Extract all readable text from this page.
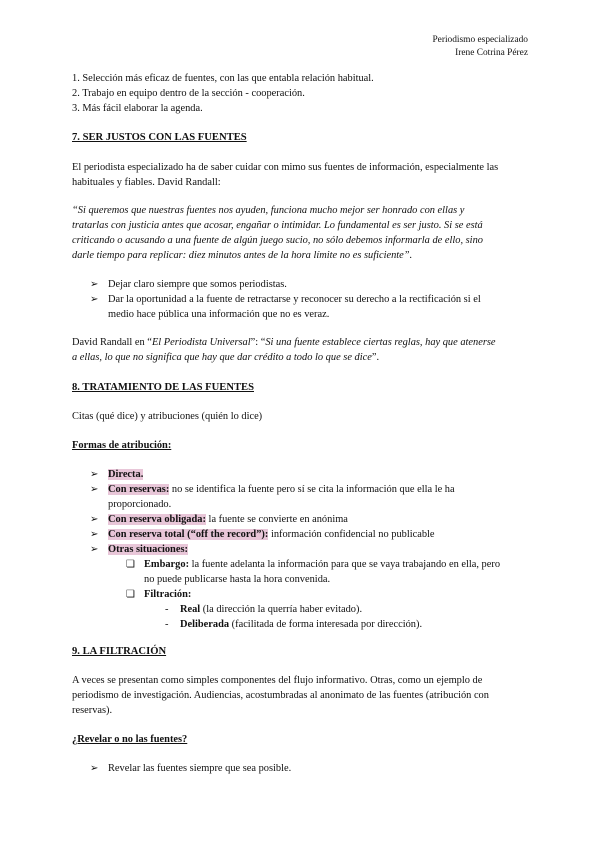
Periodismo especializado
Irene Cotrina Pérez
1. Selección más eficaz de fuentes, con las que entabla relación habitual.
2. Trabajo en equipo dentro de la sección - cooperación.
3. Más fácil elaborar la agenda.
7. SER JUSTOS CON LAS FUENTES
El periodista especializado ha de saber cuidar con mimo sus fuentes de información, especialmente las
habituales y fiables. David Randall:
“Si queremos que nuestras fuentes nos ayuden, funciona mucho mejor ser honrado con ellas y
tratarlas con justicia antes que acosar, engañar o intimidar. Lo fundamental es ser justo. Si se está
criticando o acusando a una fuente de algún juego sucio, no sólo debemos informarla de ello, sino
darle tiempo para replicar: diez minutos antes de la hora límite no es suficiente”.
➢ Dejar claro siempre que somos periodistas.
➢ Dar la oportunidad a la fuente de retractarse y reconocer su derecho a la rectificación si el
medio hace pública una información que no es veraz.
David Randall en “El Periodista Universal”: “Si una fuente establece ciertas reglas, hay que atenerse
a ellas, lo que no significa que hay que dar crédito a todo lo que se dice”.
8. TRATAMIENTO DE LAS FUENTES
Citas (qué dice) y atribuciones (quién lo dice)
Formas de atribución:
➢ Directa.
➢ Con reservas: no se identifica la fuente pero sí se cita la información que ella le ha
proporcionado.
➢ Con reserva obligada: la fuente se convierte en anónima
➢ Con reserva total (“off the record”): información confidencial no publicable
➢ Otras situaciones:
❏ Embargo: la fuente adelanta la información para que se vaya trabajando en ella, pero
no puede publicarse hasta la hora convenida.
❏ Filtración:
- Real (la dirección la querría haber evitado).
- Deliberada (facilitada de forma interesada por dirección).
9. LA FILTRACIÓN
A veces se presentan como simples componentes del flujo informativo. Otras, como un ejemplo de
periodismo de investigación. Audiencias, acostumbradas al anonimato de las fuentes (atribución con
reservas).
¿Revelar o no las fuentes?
➢ Revelar las fuentes siempre que sea posible.
